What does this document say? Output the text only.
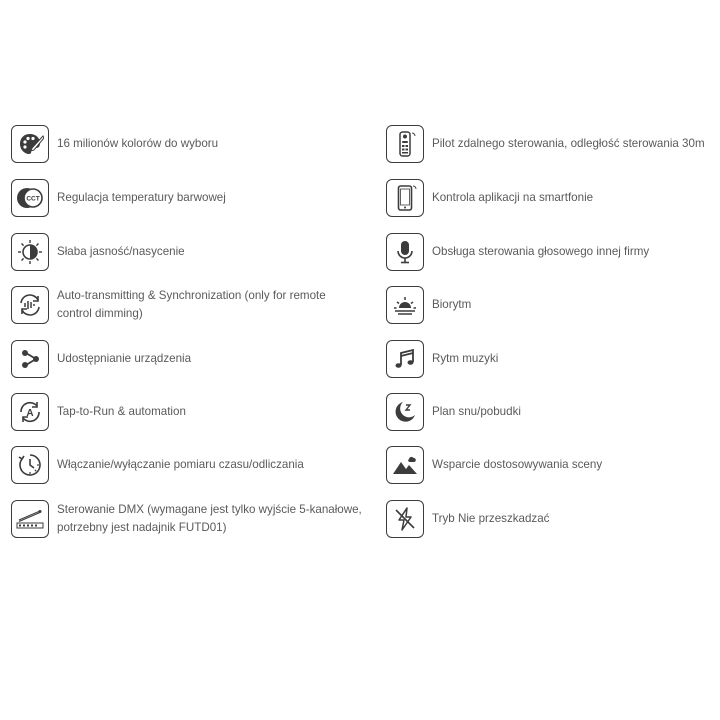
16 milionów kolorów do wyboru
CCT Regulacja temperatury barwowej
Słaba jasność/nasycenie
Auto-transmitting & Synchronization (only for remote
control dimming)
Udostępnianie urządzenia
A Tap-to-Run & automation
Włączanie/wyłączanie pomiaru czasu/odliczania
Sterowanie DMX (wymagane jest tylko wyjście 5-kanałowe,
potrzebny jest nadajnik FUTD01)
Pilot zdalnego sterowania, odległość sterowania 30m
Kontrola aplikacji na smartfonie
Obsługa sterowania głosowego innej firmy
Biorytm
Rytm muzyki
Plan snu/pobudki
Wsparcie dostosowywania sceny
Tryb Nie przeszkadzać
